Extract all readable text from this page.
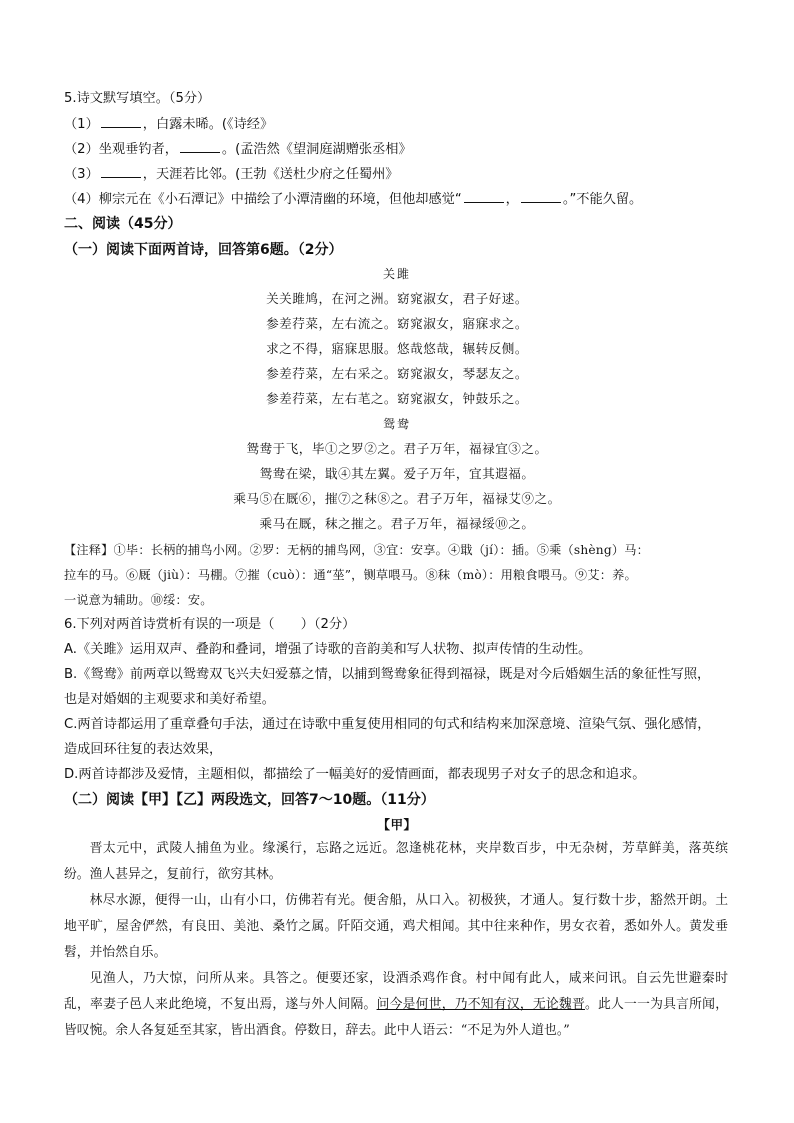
5.诗文默写填空。（5分）
（1）	，白露未晞。(《诗经》
（2）坐观垂钓者，	。(孟浩然《望洞庭湖赠张丞相》
（3）	，天涯若比邻。(王勃《送杜少府之任蜀州》
（4）柳宗元在《小石潭记》中描绘了小潭清幽的环境，但他却感觉“	，	。”不能久留。
二、阅读（45分）
（一）阅读下面两首诗，回答第6题。（2分）
关雎
关关雎鸠，在河之洲。窈窕淑女，君子好逑。
参差荇菜，左右流之。窈窕淑女，寤寐求之。
求之不得，寤寐思服。悠哉悠哉，辗转反侧。
参差荇菜，左右采之。窈窕淑女，琴瑟友之。
参差荇菜，左右芼之。窈窕淑女，钟鼓乐之。
鸳鸯
鸳鸯于飞，毕①之罗②之。君子万年，福禄宜③之。
鸳鸯在梁，戢④其左翼。爱子万年，宜其遐福。
乘马⑤在厩⑥，摧⑦之秣⑧之。君子万年，福禄艾⑨之。
乘马在厩，秣之摧之。君子万年，福禄绥⑩之。
【注释】①毕：长柄的捕鸟小网。②罗：无柄的捕鸟网，③宜：安享。④戢（jí）：插。⑤乘（shèng）马：
拉车的马。⑥厩（jiù）：马棚。⑦摧（cuò）：通“莝”，铡草喂马。⑧秣（mò）：用粮食喂马。⑨艾：养。
一说意为辅助。⑩绥：安。
6.下列对两首诗赏析有误的一项是（　　）（2分）
A.《关雎》运用双声、叠韵和叠词，增强了诗歌的音韵美和写人状物、拟声传情的生动性。
B.《鸳鸯》前两章以鸳鸯双飞兴夫妇爱慕之情，以捕到鸳鸯象征得到福禄，既是对今后婚姻生活的象征性写照，
也是对婚姻的主观要求和美好希望。
C.两首诗都运用了重章叠句手法，通过在诗歌中重复使用相同的句式和结构来加深意境、渲染气氛、强化感情，
造成回环往复的表达效果，
D.两首诗都涉及爱情，主题相似，都描绘了一幅美好的爱情画面，都表现男子对女子的思念和追求。
（二）阅读【甲】【乙】两段选文，回答7～10题。（11分）
【甲】

晋太元中，武陵人捕鱼为业。缘溪行，忘路之远近。忽逢桃花林，夹岸数百步，中无杂树，芳草鲜美，落英缤纷。渔人甚异之，复前行，欲穷其林。

林尽水源，便得一山，山有小口，仿佛若有光。便舍船，从口入。初极狭，才通人。复行数十步，豁然开朗。土地平旷，屋舍俨然，有良田、美池、桑竹之属。阡陌交通，鸡犬相闻。其中往来种作，男女衣着，悉如外人。黄发垂髫，并怡然自乐。

见渔人，乃大惊，问所从来。具答之。便要还家，设酒杀鸡作食。村中闻有此人，咸来问讯。自云先世避秦时乱，率妻子邑人来此绝境，不复出焉，遂与外人间隔。问今是何世，乃不知有汉，无论魏晋。此人一一为具言所闻，皆叹惋。余人各复延至其家，皆出酒食。停数日，辞去。此中人语云：“不足为外人道也。”
